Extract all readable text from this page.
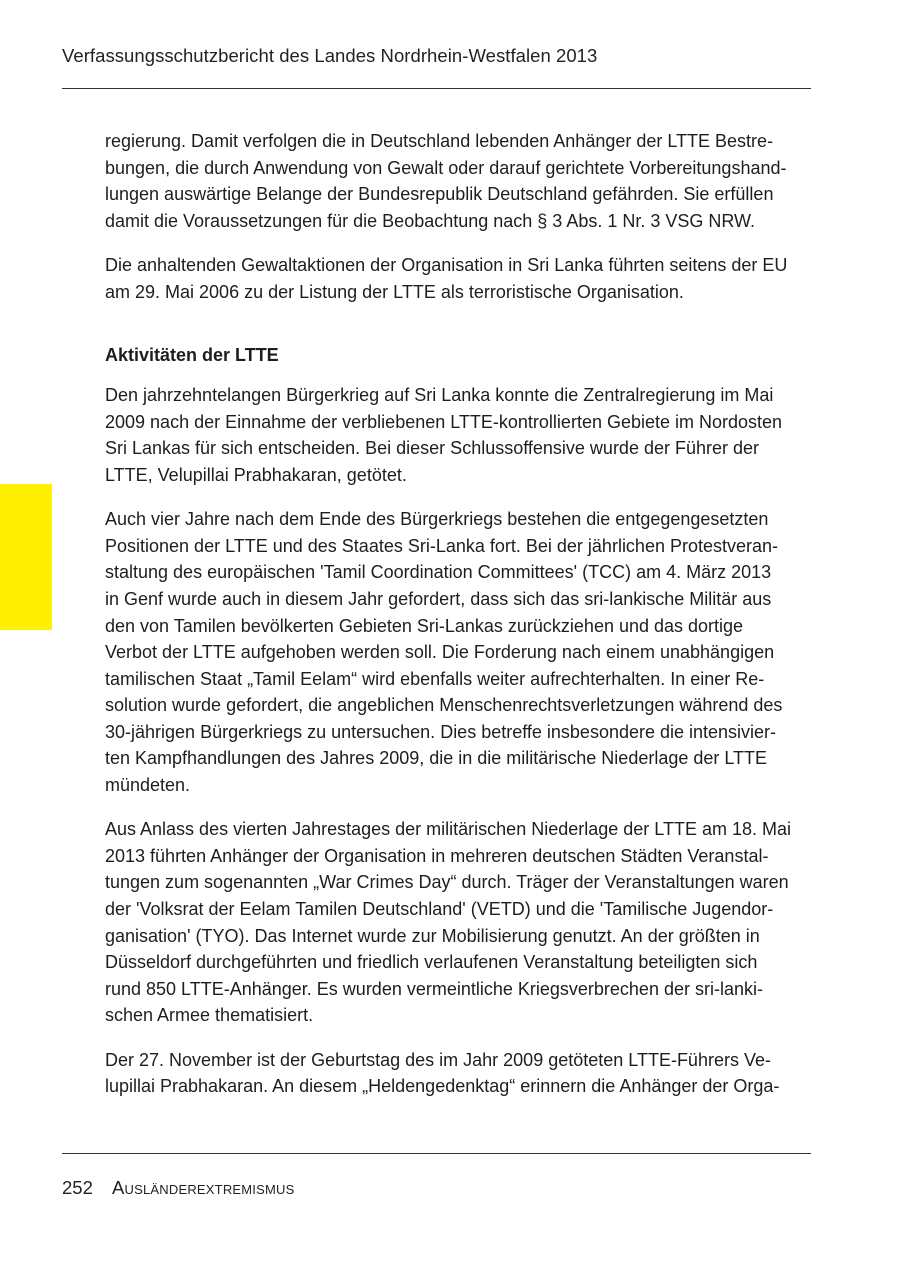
Verfassungsschutzbericht des Landes Nordrhein-Westfalen 2013

regierung. Damit verfolgen die in Deutschland lebenden Anhänger der LTTE Bestre-
bungen, die durch Anwendung von Gewalt oder darauf gerichtete Vorbereitungshand-
lungen auswärtige Belange der Bundesrepublik Deutschland gefährden. Sie erfüllen
damit die Voraussetzungen für die Beobachtung nach § 3 Abs. 1 Nr. 3 VSG NRW.

Die anhaltenden Gewaltaktionen der Organisation in Sri Lanka führten seitens der EU
am 29. Mai 2006 zu der Listung der LTTE als terroristische Organisation.

Aktivitäten der LTTE

Den jahrzehntelangen Bürgerkrieg auf Sri Lanka konnte die Zentralregierung im Mai
2009 nach der Einnahme der verbliebenen LTTE-kontrollierten Gebiete im Nordosten
Sri Lankas für sich entscheiden. Bei dieser Schlussoffensive wurde der Führer der
LTTE, Velupillai Prabhakaran, getötet.

Auch vier Jahre nach dem Ende des Bürgerkriegs bestehen die entgegengesetzten
Positionen der LTTE und des Staates Sri-Lanka fort. Bei der jährlichen Protestveran-
staltung des europäischen 'Tamil Coordination Committees' (TCC) am 4. März 2013
in Genf wurde auch in diesem Jahr gefordert, dass sich das sri-lankische Militär aus
den von Tamilen bevölkerten Gebieten Sri-Lankas zurückziehen und das dortige
Verbot der LTTE aufgehoben werden soll. Die Forderung nach einem unabhängigen
tamilischen Staat „Tamil Eelam“ wird ebenfalls weiter aufrechterhalten. In einer Re-
solution wurde gefordert, die angeblichen Menschenrechtsverletzungen während des
30-jährigen Bürgerkriegs zu untersuchen. Dies betreffe insbesondere die intensivier-
ten Kampfhandlungen des Jahres 2009, die in die militärische Niederlage der LTTE
mündeten.

Aus Anlass des vierten Jahrestages der militärischen Niederlage der LTTE am 18. Mai
2013 führten Anhänger der Organisation in mehreren deutschen Städten Veranstal-
tungen zum sogenannten „War Crimes Day“ durch. Träger der Veranstaltungen waren
der 'Volksrat der Eelam Tamilen Deutschland' (VETD) und die 'Tamilische Jugendor-
ganisation' (TYO). Das Internet wurde zur Mobilisierung genutzt. An der größten in
Düsseldorf durchgeführten und friedlich verlaufenen Veranstaltung beteiligten sich
rund 850 LTTE-Anhänger. Es wurden vermeintliche Kriegsverbrechen der sri-lanki-
schen Armee thematisiert.

Der 27. November ist der Geburtstag des im Jahr 2009 getöteten LTTE-Führers Ve-
lupillai Prabhakaran. An diesem „Heldengedenktag“ erinnern die Anhänger der Orga-

252 Ausländerextremismus
